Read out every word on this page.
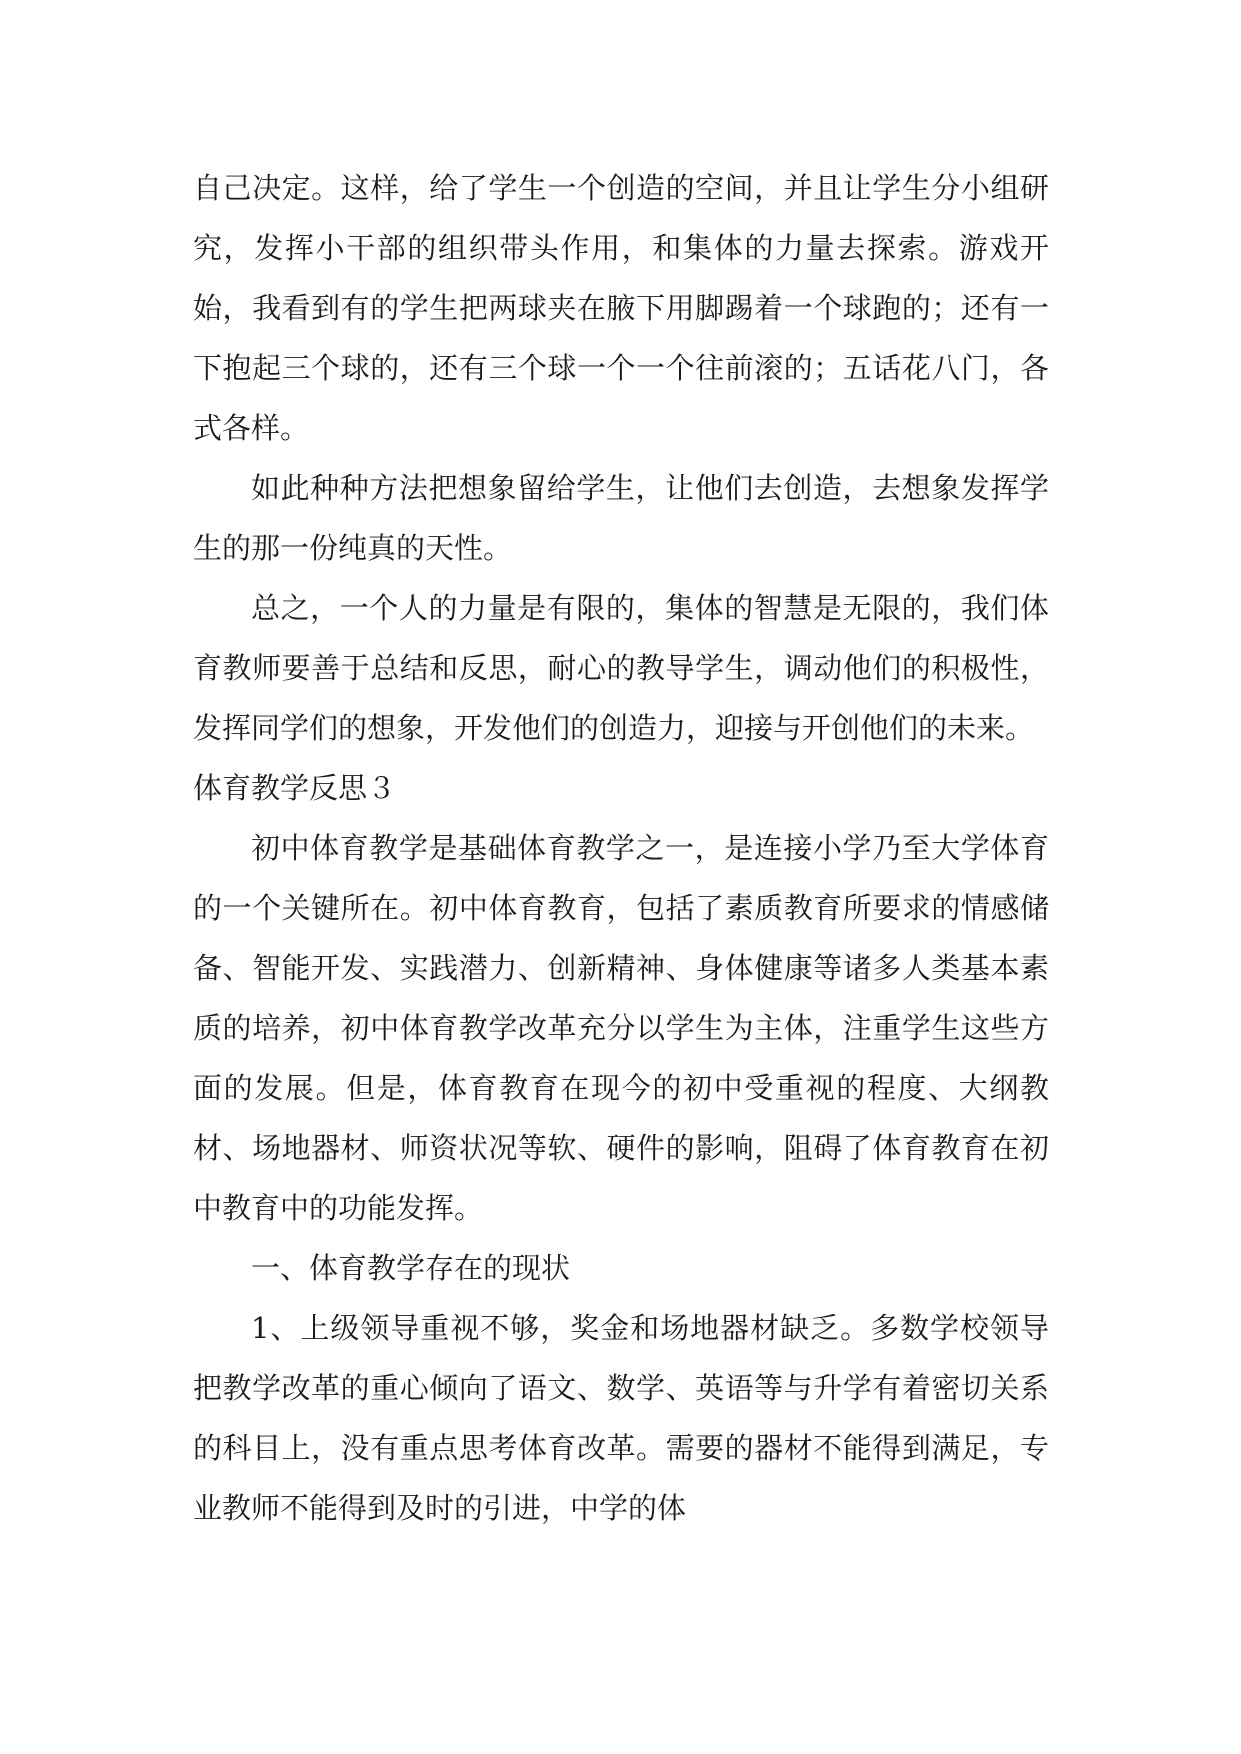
自己决定。这样，给了学生一个创造的空间，并且让学生分小组研究，发挥小干部的组织带头作用，和集体的力量去探索。游戏开始，我看到有的学生把两球夹在腋下用脚踢着一个球跑的；还有一下抱起三个球的，还有三个球一个一个往前滚的；五话花八门，各式各样。

如此种种方法把想象留给学生，让他们去创造，去想象发挥学生的那一份纯真的天性。

总之，一个人的力量是有限的，集体的智慧是无限的，我们体育教师要善于总结和反思，耐心的教导学生，调动他们的积极性，发挥同学们的想象，开发他们的创造力，迎接与开创他们的未来。

体育教学反思３

初中体育教学是基础体育教学之一，是连接小学乃至大学体育的一个关键所在。初中体育教育，包括了素质教育所要求的情感储备、智能开发、实践潜力、创新精神、身体健康等诸多人类基本素质的培养，初中体育教学改革充分以学生为主体，注重学生这些方面的发展。但是，体育教育在现今的初中受重视的程度、大纲教材、场地器材、师资状况等软、硬件的影响，阻碍了体育教育在初中教育中的功能发挥。

一、体育教学存在的现状

1、上级领导重视不够，奖金和场地器材缺乏。多数学校领导把教学改革的重心倾向了语文、数学、英语等与升学有着密切关系的科目上，没有重点思考体育改革。需要的器材不能得到满足，专业教师不能得到及时的引进，中学的体
